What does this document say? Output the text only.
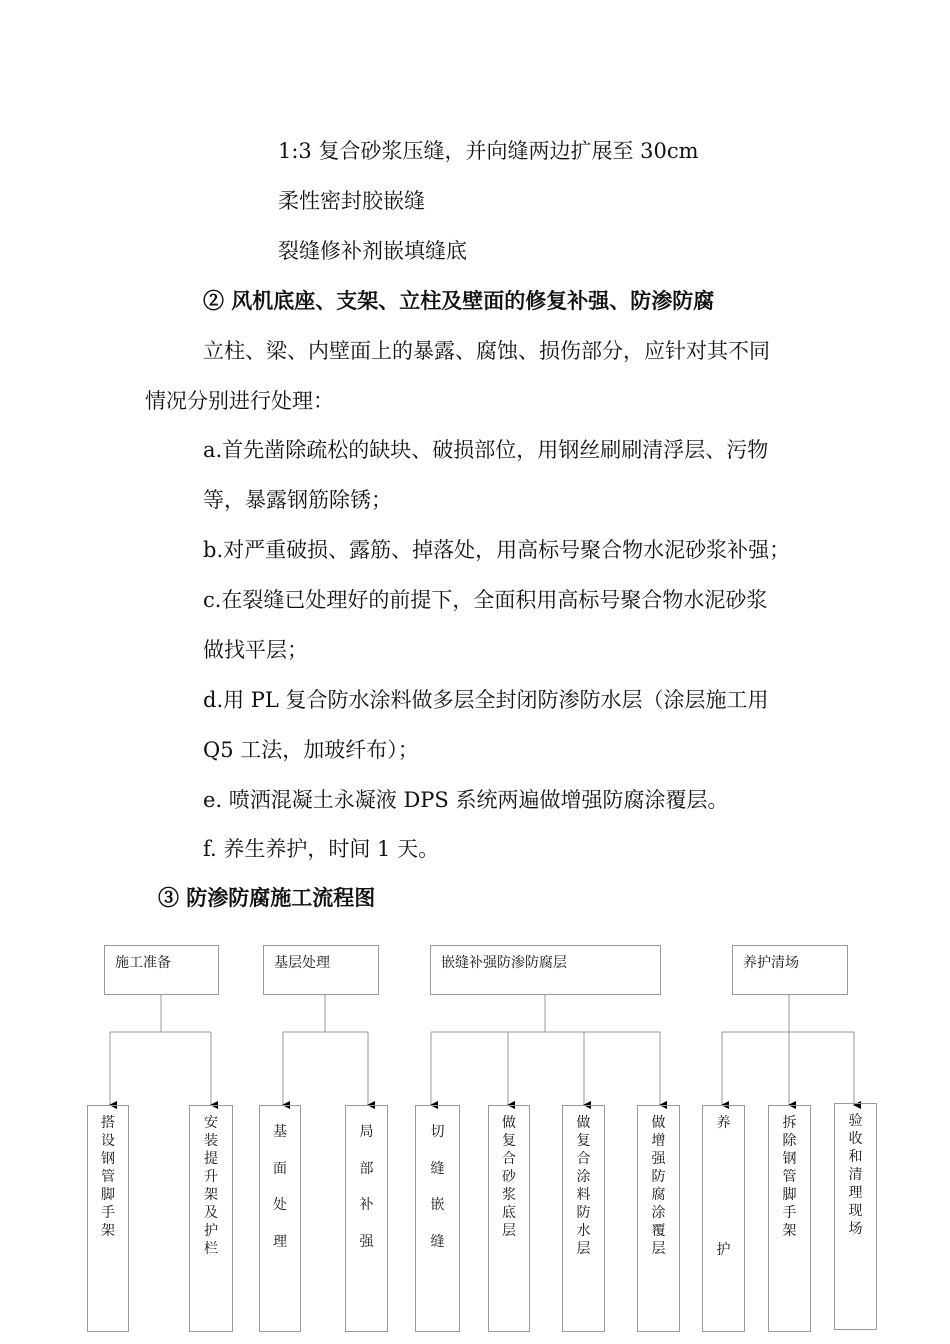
1:3 复合砂浆压缝，并向缝两边扩展至 30cm
柔性密封胶嵌缝
裂缝修补剂嵌填缝底
② 风机底座、支架、立柱及壁面的修复补强、防渗防腐
立柱、梁、内壁面上的暴露、腐蚀、损伤部分，应针对其不同
情况分别进行处理：
a.首先凿除疏松的缺块、破损部位，用钢丝刷刷清浮层、污物
等，暴露钢筋除锈；
b.对严重破损、露筋、掉落处，用高标号聚合物水泥砂浆补强；
c.在裂缝已处理好的前提下，全面积用高标号聚合物水泥砂浆
做找平层；
d.用 PL 复合防水涂料做多层全封闭防渗防水层（涂层施工用
Q5 工法，加玻纤布）；
e. 喷洒混凝土永凝液 DPS 系统两遍做增强防腐涂覆层。
f. 养生养护，时间 1 天。
③ 防渗防腐施工流程图
施工准备	基层处理	嵌缝补强防渗防腐层	养护清场
搭设钢管脚手架
安装提升架及护栏
基面处理
局部补强
切缝嵌缝
做复合砂浆底层
做复合涂料防水层
做增强防腐涂覆层
养护
拆除钢管脚手架
验收和清理现场
